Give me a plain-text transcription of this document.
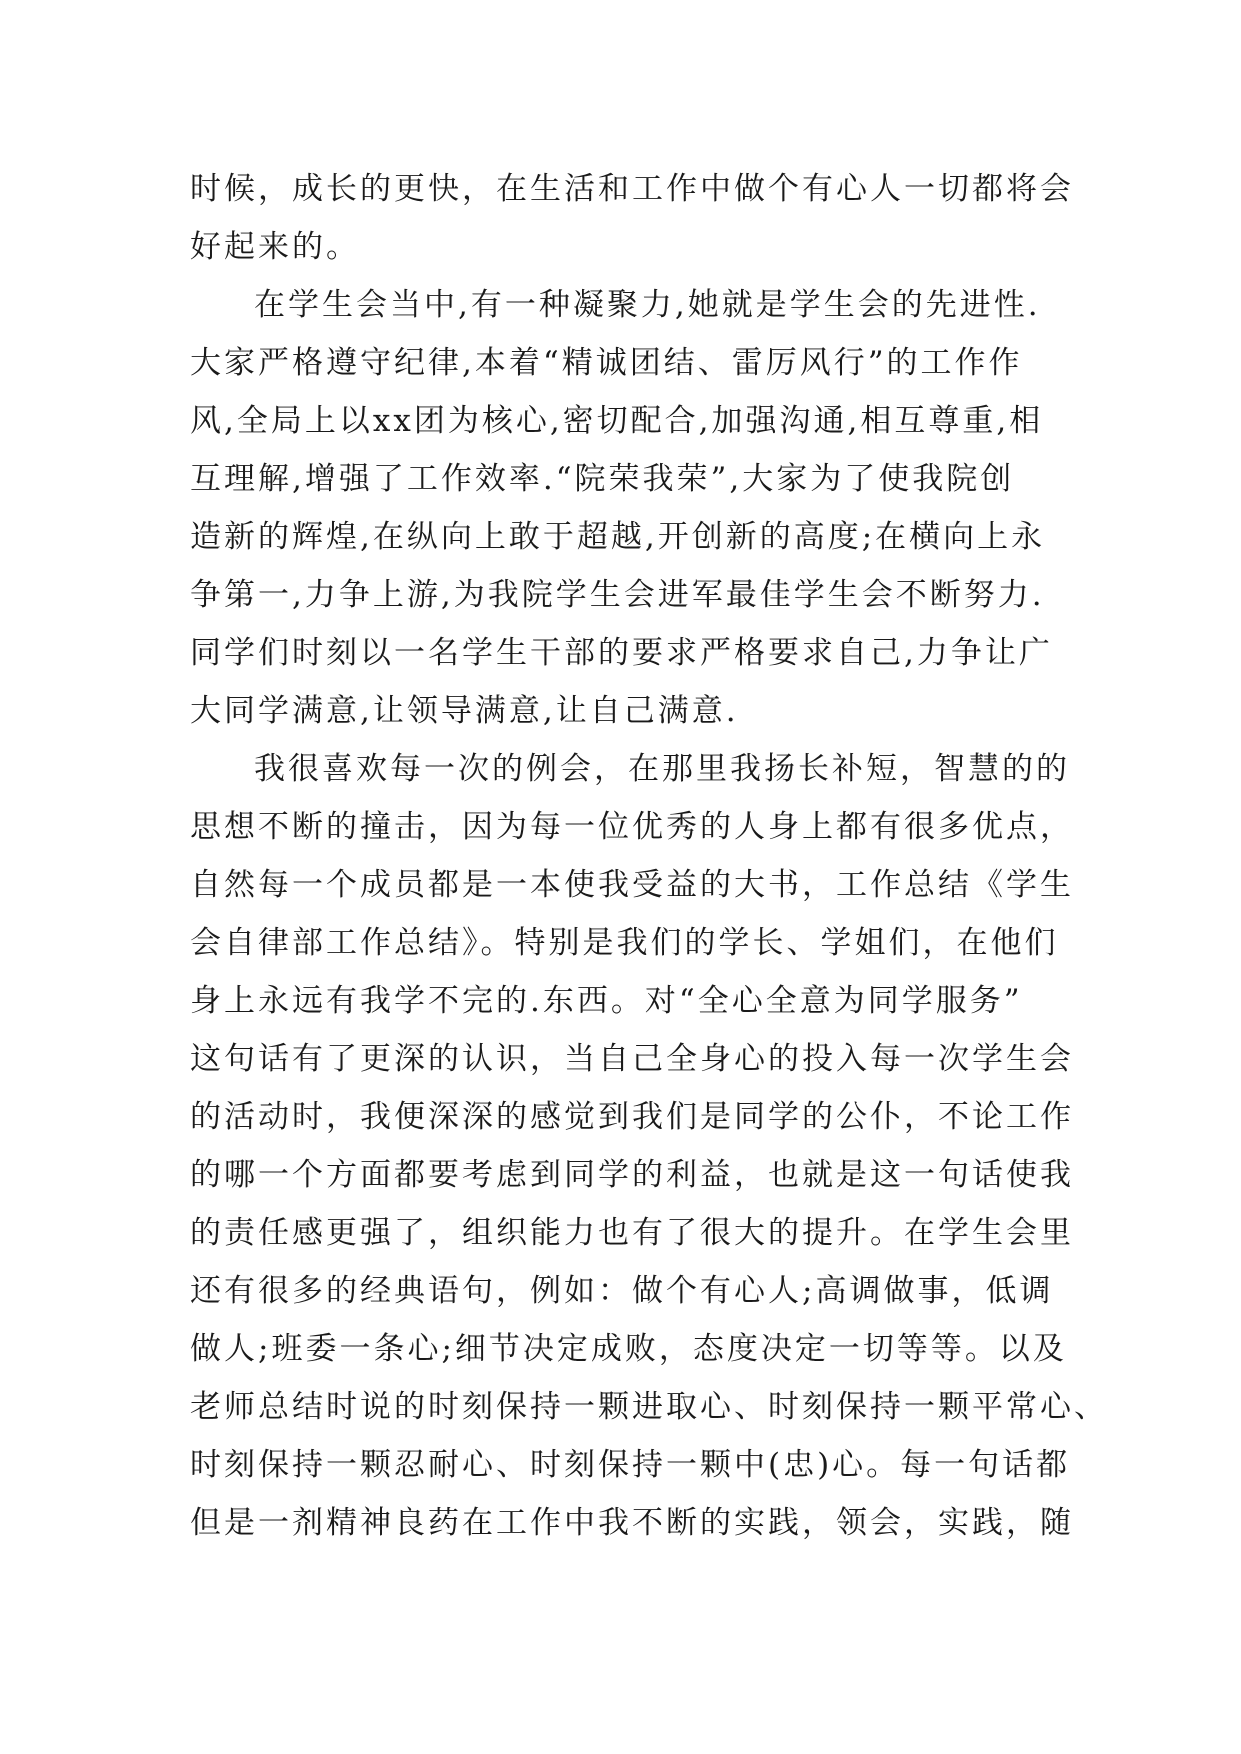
时候，成长的更快，在生活和工作中做个有心人一切都将会
好起来的。
在学生会当中,有一种凝聚力,她就是学生会的先进性.
大家严格遵守纪律,本着“精诚团结、雷厉风行”的工作作
风,全局上以xx团为核心,密切配合,加强沟通,相互尊重,相
互理解,增强了工作效率.“院荣我荣”,大家为了使我院创
造新的辉煌,在纵向上敢于超越,开创新的高度;在横向上永
争第一,力争上游,为我院学生会进军最佳学生会不断努力.
同学们时刻以一名学生干部的要求严格要求自己,力争让广
大同学满意,让领导满意,让自己满意.
我很喜欢每一次的例会，在那里我扬长补短，智慧的的
思想不断的撞击，因为每一位优秀的人身上都有很多优点，
自然每一个成员都是一本使我受益的大书，工作总结《学生
会自律部工作总结》。特别是我们的学长、学姐们，在他们
身上永远有我学不完的.东西。对“全心全意为同学服务”
这句话有了更深的认识，当自己全身心的投入每一次学生会
的活动时，我便深深的感觉到我们是同学的公仆，不论工作
的哪一个方面都要考虑到同学的利益，也就是这一句话使我
的责任感更强了，组织能力也有了很大的提升。在学生会里
还有很多的经典语句，例如：做个有心人;高调做事，低调
做人;班委一条心;细节决定成败，态度决定一切等等。以及
老师总结时说的时刻保持一颗进取心、时刻保持一颗平常心、
时刻保持一颗忍耐心、时刻保持一颗中(忠)心。每一句话都
但是一剂精神良药在工作中我不断的实践，领会，实践，随
